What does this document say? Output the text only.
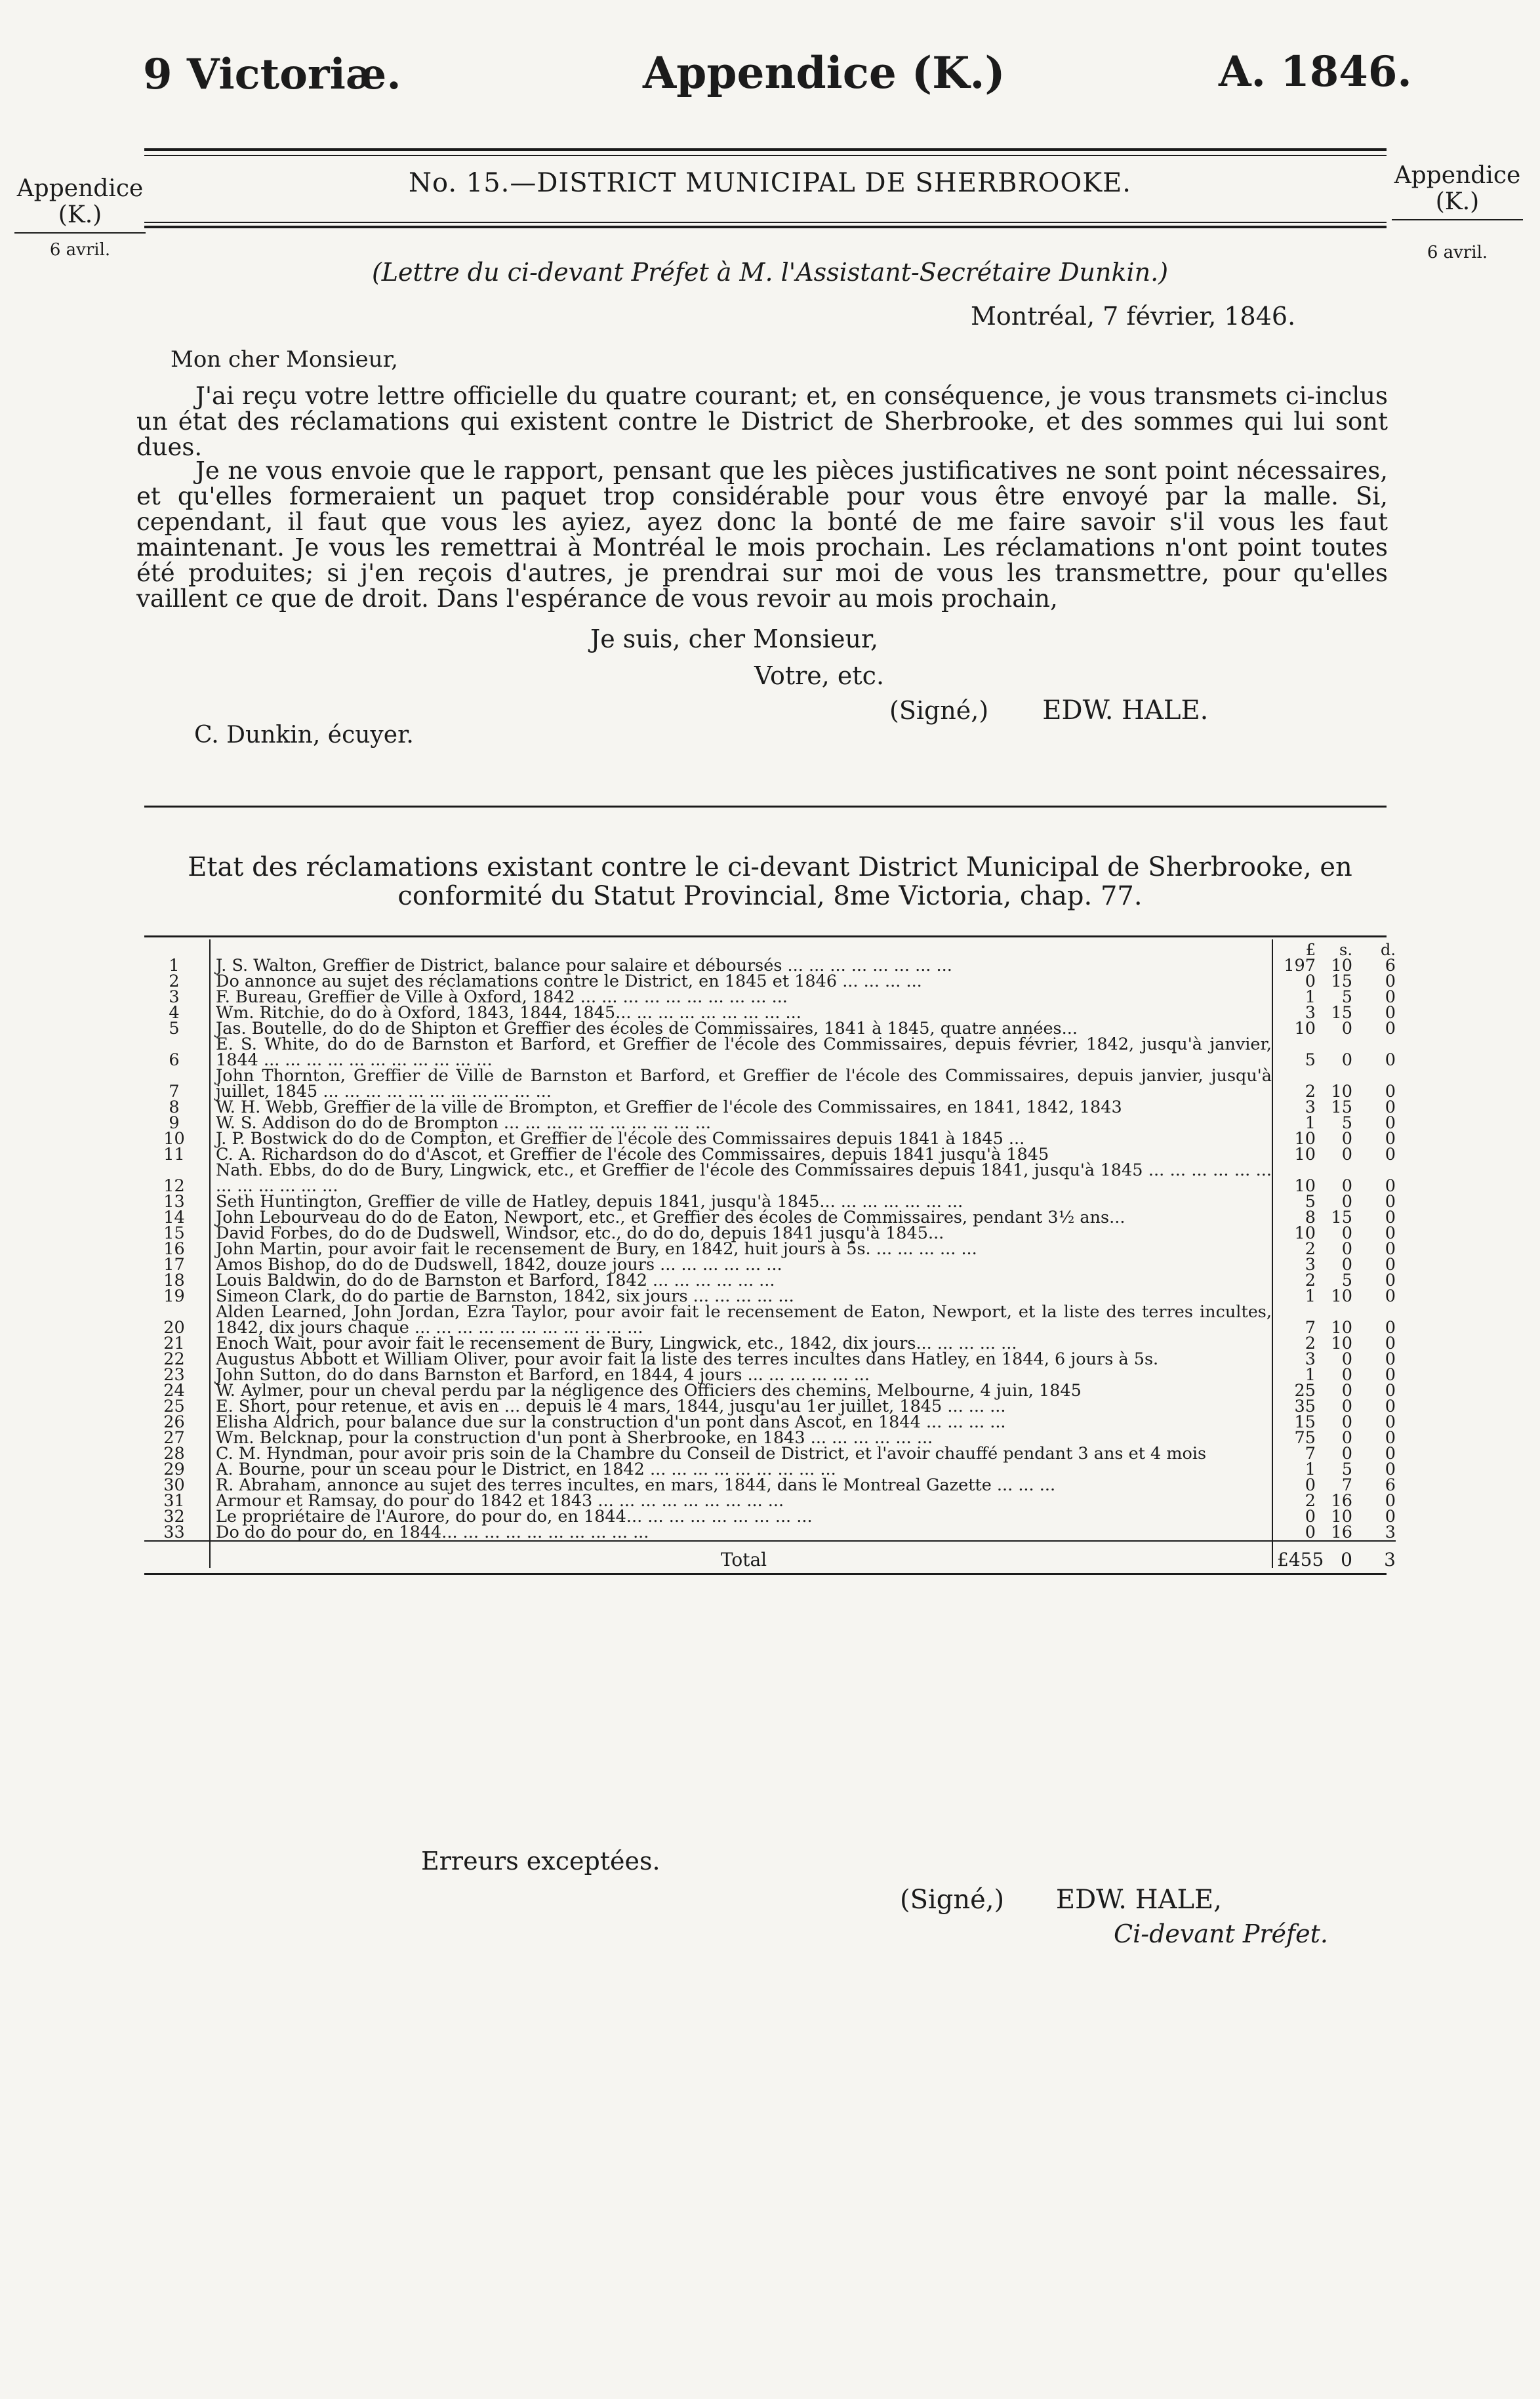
9 Victoriæ.	Appendice (K.)	A. 1846.
No. 15.—DISTRICT MUNICIPAL DE SHERBROOKE.
Appendice
(K.)
6 avril.
Appendice
(K.)
6 avril.
(Lettre du ci-devant Préfet à M. l'Assistant-Secrétaire Dunkin.)
Montréal, 7 février, 1846.
Mon cher Monsieur,

J'ai reçu votre lettre officielle du quatre courant; et, en conséquence, je vous transmets ci-inclus un état des réclamations qui existent contre le District de Sherbrooke, et des sommes qui lui sont dues.

Je ne vous envoie que le rapport, pensant que les pièces justificatives ne sont point nécessaires, et qu'elles formeraient un paquet trop considérable pour vous être envoyé par la malle. Si, cependant, il faut que vous les ayiez, ayez donc la bonté de me faire savoir s'il vous les faut maintenant. Je vous les remettrai à Montréal le mois prochain. Les réclamations n'ont point toutes été produites; si j'en reçois d'autres, je prendrai sur moi de vous les transmettre, pour qu'elles vaillent ce que de droit. Dans l'espérance de vous revoir au mois prochain,

Je suis, cher Monsieur,
Votre, etc.
(Signé,) EDW. HALE.
C. Dunkin, écuyer.
Etat des réclamations existant contre le ci-devant District Municipal de Sherbrooke, en conformité du Statut Provincial, 8me Victoria, chap. 77.
		£	s.	d.
1	J. S. Walton, Greffier de District, balance pour salaire et déboursés ... ... ... ... ... ... ... ...	197	10	6
2	Do annonce au sujet des réclamations contre le District, en 1845 et 1846 ... ... ... ...	0	15	0
3	F. Bureau, Greffier de Ville à Oxford, 1842 ... ... ... ... ... ... ... ... ... ...	1	5	0
4	Wm. Ritchie, do do à Oxford, 1843, 1844, 1845... ... ... ... ... ... ... ... ...	3	15	0
5	Jas. Boutelle, do do de Shipton et Greffier des écoles de Commissaires, 1841 à 1845, quatre années...	10	0	0
6	E. S. White, do do de Barnston et Barford, et Greffier de l'école des Commissaires, depuis février, 1842, jusqu'à janvier, 1844 ... ... ... ... ... ... ... ... ... ... ...	5	0	0
7	John Thornton, Greffier de Ville de Barnston et Barford, et Greffier de l'école des Commissaires, depuis janvier, jusqu'à juillet, 1845 ... ... ... ... ... ... ... ... ... ... ...	2	10	0
8	W. H. Webb, Greffier de la ville de Brompton, et Greffier de l'école des Commissaires, en 1841, 1842, 1843	3	15	0
9	W. S. Addison do do de Brompton ... ... ... ... ... ... ... ... ... ...	1	5	0
10	J. P. Bostwick do do de Compton, et Greffier de l'école des Commissaires depuis 1841 à 1845 ...	10	0	0
11	C. A. Richardson do do d'Ascot, et Greffier de l'école des Commissaires, depuis 1841 jusqu'à 1845	10	0	0
12	Nath. Ebbs, do do de Bury, Lingwick, etc., et Greffier de l'école des Commissaires depuis 1841, jusqu'à 1845 ... ... ... ... ... ... ... ... ... ... ... ...	10	0	0
13	Seth Huntington, Greffier de ville de Hatley, depuis 1841, jusqu'à 1845... ... ... ... ... ... ...	5	0	0
14	John Lebourveau do do de Eaton, Newport, etc., et Greffier des écoles de Commissaires, pendant 3½ ans...	8	15	0
15	David Forbes, do do de Dudswell, Windsor, etc., do do do, depuis 1841 jusqu'à 1845...	10	0	0
16	John Martin, pour avoir fait le recensement de Bury, en 1842, huit jours à 5s. ... ... ... ... ...	2	0	0
17	Amos Bishop, do do de Dudswell, 1842, douze jours ... ... ... ... ... ...	3	0	0
18	Louis Baldwin, do do de Barnston et Barford, 1842 ... ... ... ... ... ...	2	5	0
19	Simeon Clark, do do partie de Barnston, 1842, six jours ... ... ... ... ...	1	10	0
20	Alden Learned, John Jordan, Ezra Taylor, pour avoir fait le recensement de Eaton, Newport, et la liste des terres incultes, 1842, dix jours chaque ... ... ... ... ... ... ... ... ... ... ...	7	10	0
21	Enoch Wait, pour avoir fait le recensement de Bury, Lingwick, etc., 1842, dix jours... ... ... ... ...	2	10	0
22	Augustus Abbott et William Oliver, pour avoir fait la liste des terres incultes dans Hatley, en 1844, 6 jours à 5s.	3	0	0
23	John Sutton, do do dans Barnston et Barford, en 1844, 4 jours ... ... ... ... ... ...	1	0	0
24	W. Aylmer, pour un cheval perdu par la négligence des Officiers des chemins, Melbourne, 4 juin, 1845	25	0	0
25	E. Short, pour retenue, et avis en ... depuis le 4 mars, 1844, jusqu'au 1er juillet, 1845 ... ... ...	35	0	0
26	Elisha Aldrich, pour balance due sur la construction d'un pont dans Ascot, en 1844 ... ... ... ...	15	0	0
27	Wm. Belcknap, pour la construction d'un pont à Sherbrooke, en 1843 ... ... ... ... ... ...	75	0	0
28	C. M. Hyndman, pour avoir pris soin de la Chambre du Conseil de District, et l'avoir chauffé pendant 3 ans et 4 mois	7	0	0
29	A. Bourne, pour un sceau pour le District, en 1842 ... ... ... ... ... ... ... ... ...	1	5	0
30	R. Abraham, annonce au sujet des terres incultes, en mars, 1844, dans le Montreal Gazette ... ... ...	0	7	6
31	Armour et Ramsay, do pour do 1842 et 1843 ... ... ... ... ... ... ... ... ...	2	16	0
32	Le propriétaire de l'Aurore, do pour do, en 1844... ... ... ... ... ... ... ... ...	0	10	0
33	Do do do pour do, en 1844... ... ... ... ... ... ... ... ... ...	0	16	3

	Total	£455	0	3
Erreurs exceptées.
(Signé,) EDW. HALE,
Ci-devant Préfet.
